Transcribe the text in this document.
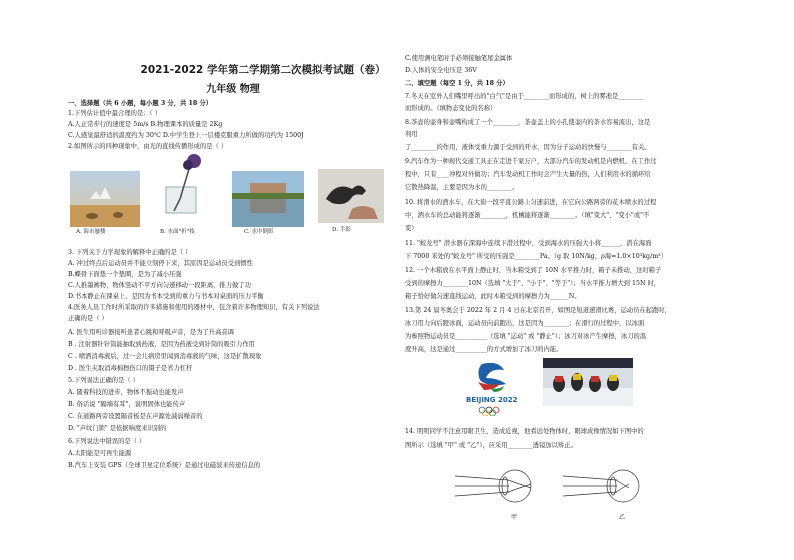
2021-2022 学年第二学期第二次模拟考试题（卷）
九年级 物理
一、选择题（共 6 小题，每小题 3 分，共 18 分）
1.下列估计值中最合理的是：（ ）
A.人正常步行的速度是 5m/s B.物理课本的质量是 2Kg
C.人感觉最舒适的温度约为 30℃ D.中学生登上一层楼克服重力所做的功约为 1500J
2.如图所示的四种现象中，由光的直线传播形成的是（ ）
A. 海市蜃楼	B. 水面"折"枝	C. 水中倒影	D. 手影
3. 下列关于力学现象的解释中正确的是（ ）
A. 冲过终点后运动员并不能立刻停下来，其原因是运动员受到惯性
B.蝶骨下面垫一个垫圈，是为了减小压强
C.人推墨画物，物体竖动不平方向匀速移动一段距离，推力做了功
D.书本静止在课桌上，是因为书本受到的重力与书本对桌面的压力平衡
4.医务人员工作时所采取的许多措施和使用的器材中，包含着许多物理知识，有关下列说法
正确的是（ ）
A. 医生用听诊器接听患者心跳和呼吸声音，是为了升高音调
B . 注射器针针筒能抽取到药液，是因为药液受到针筒的吸引力作用
C . 喷洒消毒液后，过一会儿病房里闻到消毒液的气味，这是扩散现象
D . 医生夹取消毒棉擦伤口的镊子是省力杠杆
5.下列说法正确的是（ ）
A. 随着科技的进步，物体不振动也能发声
B. 俗话说 "隔墙有耳"，说明固体也能传声
C. 在道路两旁设置隔音板是在声源处减弱噪音的
D. "声纹门锁" 是依据响度来识别的
6.下列说法中错误的是（ ）
A.太阳能是可再生能源
B.汽车上安装 GPS（全球卫星定位系统）是通过电磁波来传递信息的
C.使用测电笔时手必须接触笔尾金属体
D.人体的安全电压是 36V
二、填空题（每空 1 分，共 18 分）
7.冬天在室外人们嘴里呼出的"白气"是由于________而形成的，树上的雾凇是________
而形成的。（填物态变化的名称）
8.茶壶的壶身和壶嘴构成了一个________，茶壶盖上的小孔使壶内的茶水容易流出，这是
利用
了________的作用，液体受重力源于受到的开水，因为分子运动的快慢与________有关。
9.汽车作为一种现代交通工具正在走进千家万户，大部分汽车的发动机是内燃机，在工作过
程中，只有____冲程对外做功；汽车发动机工作时会产生大量的热，人们利用水的循环给
它散热降温，主要是因为水的________。
10. 将滑水的酒水车，在大街一段平直公路上匀速前进，在它向公路两旁的花木喷水的过程
中，洒水车的总动能将逐渐________，机械能将逐渐________。（填"变大"、"变小"或"不
变）
11. "蛟龙号" 潜水器在深海中连续下潜过程中，受到海水的压强大小将______，潜在海面
下 7000 米处的"蛟龙号" 所受的压强是________Pa。（g 取 10N/kg，ρ海=1.0×10³kg/m³）
12. 一个木箱放在水平面上静止时，当木箱受到了 10N 水平推力时，箱子未推动，这时箱子
受到的摩擦力________10N（选填 "大于"、"小于"、"等于"）；当水平推力增大到 15N 时，
箱子恰好做匀速直线运动，此时木箱受到的摩擦力为______N。
13.第 24 届冬奥会于 2022 年 2 月 4 日在北京召开，如图是短道速滑比赛，运动员在起跑时，
冰刀用力向后蹬冰面，运动员向前跑出，这是因为________；在滑行的过程中，以冰面
为参照物运动员是__________（选填 "运动" 或 "静止"）；冰刀对冰产生摩擦，冰刀的温
度升高，这是通过__________的方式增加了冰刀的内能。
BEIJING 2022
14. 明明同学不注意用眼卫生，造成近视，他看远处物体时，眼球成像情况如下图中的
图所示（选填 "甲" 或 "乙"），应采用________透镜加以矫正。
甲	乙
